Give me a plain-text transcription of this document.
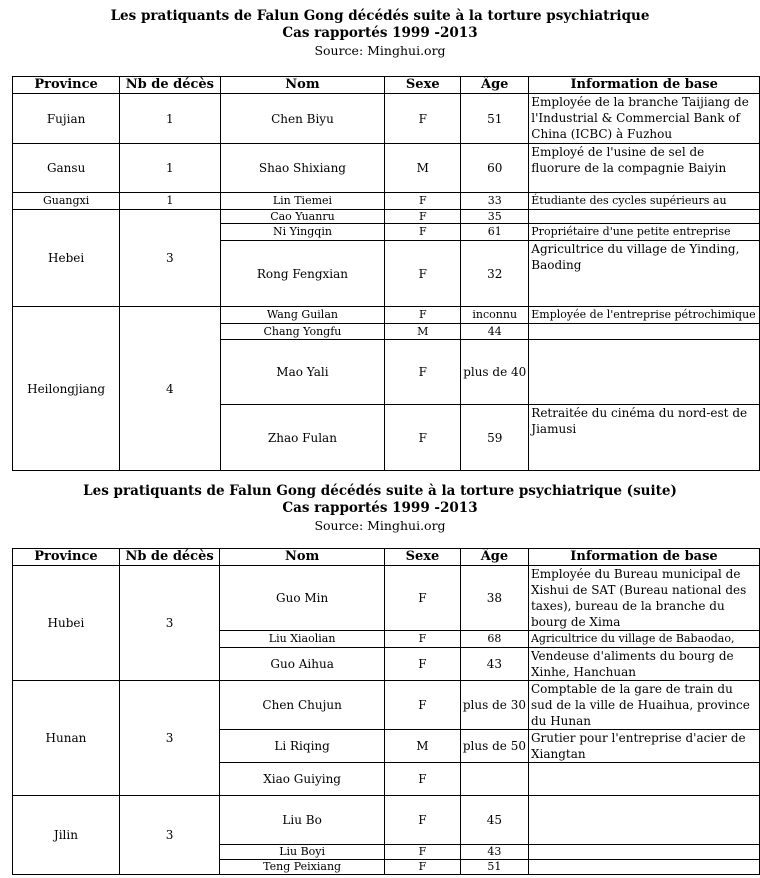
Les pratiquants de Falun Gong décédés suite à la torture psychiatrique
Cas rapportés 1999 -2013
Source: Minghui.org
Province	Nb de décès	Nom	Sexe	Âge	Information de base
Fujian	1	Chen Biyu	F	51	Employée de la branche Taijiang de l'Industrial & Commercial Bank of China (ICBC) à Fuzhou
Gansu	1	Shao Shixiang	M	60	Employé de l'usine de sel de fluorure de la compagnie Baiyin
Guangxi	1	Lin Tiemei	F	33	Étudiante des cycles supérieurs au
Hebei	3	Cao Yuanru	F	35	
		Ni Yingqin	F	61	Propriétaire d'une petite entreprise
		Rong Fengxian	F	32	Agricultrice du village de Yinding, Baoding
Heilongjiang	4	Wang Guilan	F	inconnu	Employée de l'entreprise pétrochimique
		Chang Yongfu	M	44	
		Mao Yali	F	plus de 40	
		Zhao Fulan	F	59	Retraitée du cinéma du nord-est de Jiamusi
Les pratiquants de Falun Gong décédés suite à la torture psychiatrique (suite)
Cas rapportés 1999 -2013
Source: Minghui.org
Province	Nb de décès	Nom	Sexe	Âge	Information de base
Hubei	3	Guo Min	F	38	Employée du Bureau municipal de Xishui de SAT (Bureau national des taxes), bureau de la branche du bourg de Xima
		Liu Xiaolian	F	68	Agricultrice du village de Babaodao,
		Guo Aihua	F	43	Vendeuse d'aliments du bourg de Xinhe, Hanchuan
Hunan	3	Chen Chujun	F	plus de 30	Comptable de la gare de train du sud de la ville de Huaihua, province du Hunan
		Li Riqing	M	plus de 50	Grutier pour l'entreprise d'acier de Xiangtan
		Xiao Guiying	F		
Jilin	3	Liu Bo	F	45	
		Liu Boyi	F	43	
		Teng Peixiang	F	51	
